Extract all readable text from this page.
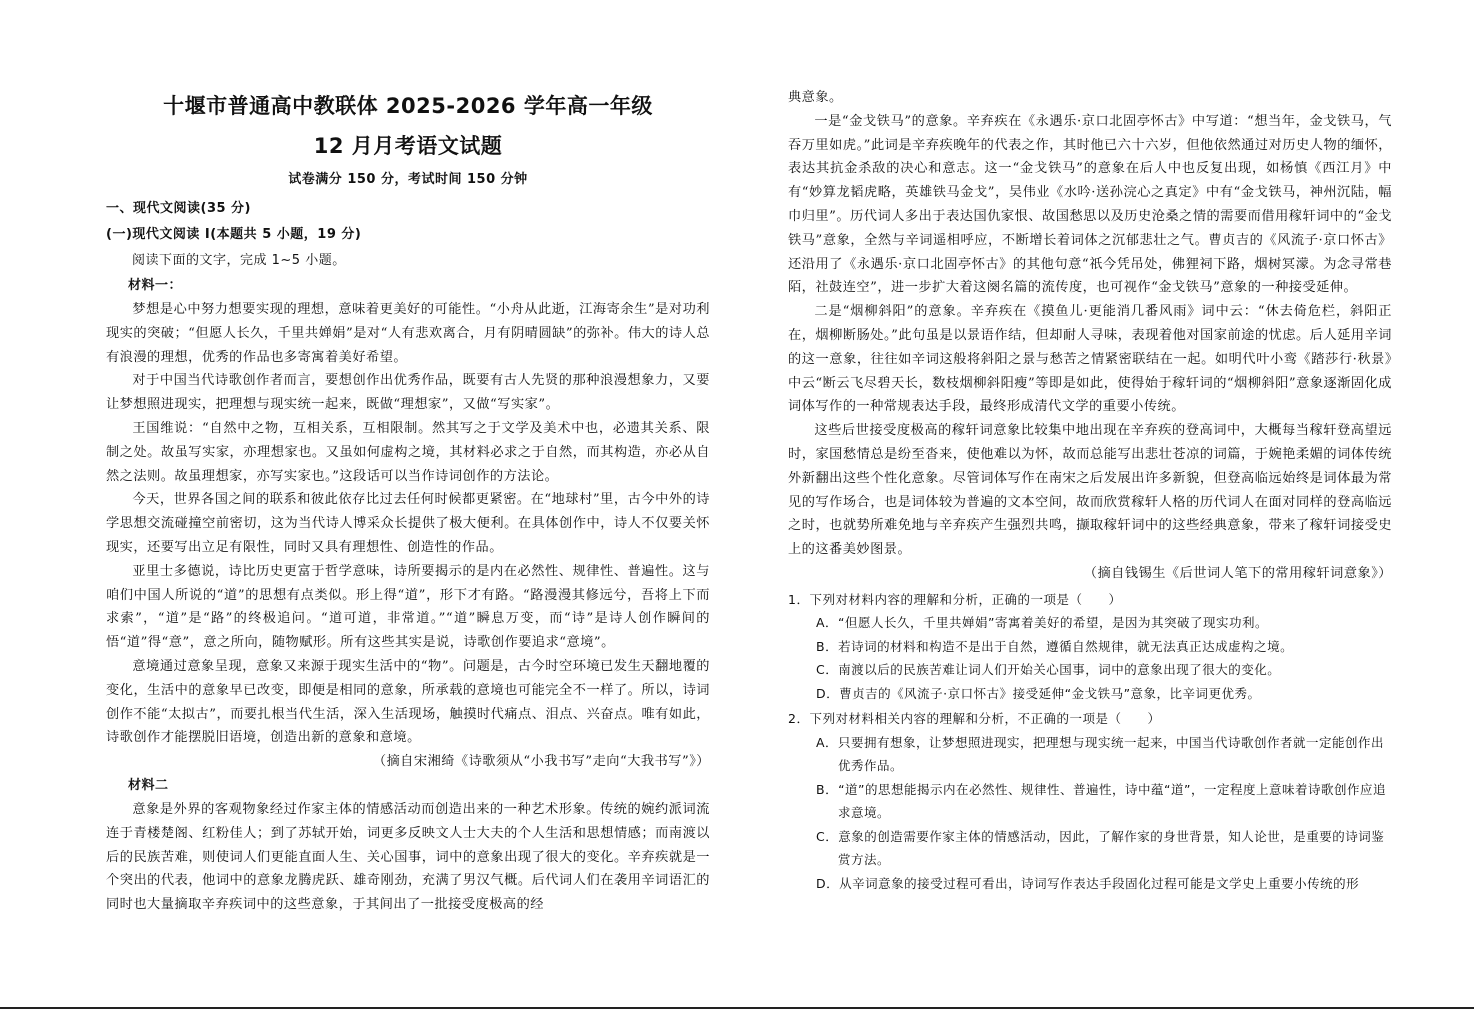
十堰市普通高中教联体 2025-2026 学年高一年级

12 月月考语文试题

试卷满分 150 分，考试时间 150 分钟

一、现代文阅读(35 分)

(一)现代文阅读 I(本题共 5 小题，19 分)

阅读下面的文字，完成 1~5 小题。

材料一：

梦想是心中努力想要实现的理想，意味着更美好的可能性。“小舟从此逝，江海寄余生”是对功利现实的突破；“但愿人长久，千里共婵娟”是对“人有悲欢离合，月有阴晴圆缺”的弥补。伟大的诗人总有浪漫的理想，优秀的作品也多寄寓着美好希望。

对于中国当代诗歌创作者而言，要想创作出优秀作品，既要有古人先贤的那种浪漫想象力，又要让梦想照进现实，把理想与现实统一起来，既做“理想家”，又做“写实家”。

王国维说：“自然中之物，互相关系，互相限制。然其写之于文学及美术中也，必遗其关系、限制之处。故虽写实家，亦理想家也。又虽如何虚构之境，其材料必求之于自然，而其构造，亦必从自然之法则。故虽理想家，亦写实家也。”这段话可以当作诗词创作的方法论。

今天，世界各国之间的联系和彼此依存比过去任何时候都更紧密。在“地球村”里，古今中外的诗学思想交流碰撞空前密切，这为当代诗人博采众长提供了极大便利。在具体创作中，诗人不仅要关怀现实，还要写出立足有限性，同时又具有理想性、创造性的作品。

亚里士多德说，诗比历史更富于哲学意味，诗所要揭示的是内在必然性、规律性、普遍性。这与咱们中国人所说的“道”的思想有点类似。形上得“道”，形下才有路。“路漫漫其修远兮，吾将上下而求索”，“道”是“路”的终极追问。“道可道，非常道。”“道”瞬息万变，而“诗”是诗人创作瞬间的悟“道”得“意”，意之所向，随物赋形。所有这些其实是说，诗歌创作要追求“意境”。

意境通过意象呈现，意象又来源于现实生活中的“物”。问题是，古今时空环境已发生天翻地覆的变化，生活中的意象早已改变，即便是相同的意象，所承载的意境也可能完全不一样了。所以，诗词创作不能“太拟古”，而要扎根当代生活，深入生活现场，触摸时代痛点、泪点、兴奋点。唯有如此，诗歌创作才能摆脱旧语境，创造出新的意象和意境。

（摘自宋湘绮《诗歌须从“小我书写”走向“大我书写”》）

材料二

意象是外界的客观物象经过作家主体的情感活动而创造出来的一种艺术形象。传统的婉约派词流连于青楼楚阁、红粉佳人；到了苏轼开始，词更多反映文人士大夫的个人生活和思想情感；而南渡以后的民族苦难，则使词人们更能直面人生、关心国事，词中的意象出现了很大的变化。辛弃疾就是一个突出的代表，他词中的意象龙腾虎跃、雄奇刚劲，充满了男汉气概。后代词人们在袭用辛词语汇的同时也大量摘取辛弃疾词中的这些意象，于其间出了一批接受度极高的经

典意象。

一是“金戈铁马”的意象。辛弃疾在《永遇乐·京口北固亭怀古》中写道：“想当年，金戈铁马，气吞万里如虎。”此词是辛弃疾晚年的代表之作，其时他已六十六岁，但他依然通过对历史人物的缅怀，表达其抗金杀敌的决心和意志。这一“金戈铁马”的意象在后人中也反复出现，如杨慎《西江月》中有“妙算龙韬虎略，英雄铁马金戈”，吴伟业《水吟·送孙浣心之真定》中有“金戈铁马，神州沉陆，幅巾归里”。历代词人多出于表达国仇家恨、故国愁思以及历史沧桑之情的需要而借用稼轩词中的“金戈铁马”意象，全然与辛词遥相呼应，不断增长着词体之沉郁悲壮之气。曹贞吉的《风流子·京口怀古》还沿用了《永遇乐·京口北固亭怀古》的其他句意“祇今凭吊处，佛狸祠下路，烟树冥濛。为念寻常巷陌，社鼓连空”，进一步扩大着这阕名篇的流传度，也可视作“金戈铁马”意象的一种接受延伸。

二是“烟柳斜阳”的意象。辛弃疾在《摸鱼儿·更能消几番风雨》词中云：“休去倚危栏，斜阳正在，烟柳断肠处。”此句虽是以景语作结，但却耐人寻味，表现着他对国家前途的忧虑。后人延用辛词的这一意象，往往如辛词这般将斜阳之景与愁苦之情紧密联结在一起。如明代叶小鸾《踏莎行·秋景》中云“断云飞尽碧天长，数枝烟柳斜阳瘦”等即是如此，使得始于稼轩词的“烟柳斜阳”意象逐渐固化成词体写作的一种常规表达手段，最终形成清代文学的重要小传统。

这些后世接受度极高的稼轩词意象比较集中地出现在辛弃疾的登高词中，大概每当稼轩登高望远时，家国愁情总是纷至沓来，使他难以为怀，故而总能写出悲壮苍凉的词篇，于婉艳柔媚的词体传统外新翻出这些个性化意象。尽管词体写作在南宋之后发展出许多新貌，但登高临远始终是词体最为常见的写作场合，也是词体较为普遍的文本空间，故而欣赏稼轩人格的历代词人在面对同样的登高临远之时，也就势所难免地与辛弃疾产生强烈共鸣，撷取稼轩词中的这些经典意象，带来了稼轩词接受史上的这番美妙图景。

（摘自钱锡生《后世词人笔下的常用稼轩词意象》）

1．下列对材料内容的理解和分析，正确的一项是（　　）

A．“但愿人长久，千里共婵娟”寄寓着美好的希望，是因为其突破了现实功利。

B．若诗词的材料和构造不是出于自然，遵循自然规律，就无法真正达成虚构之境。

C．南渡以后的民族苦难让词人们开始关心国事，词中的意象出现了很大的变化。

D．曹贞吉的《风流子·京口怀古》接受延伸“金戈铁马”意象，比辛词更优秀。

2．下列对材料相关内容的理解和分析，不正确的一项是（　　）

A．只要拥有想象，让梦想照进现实，把理想与现实统一起来，中国当代诗歌创作者就一定能创作出优秀作品。

B．“道”的思想能揭示内在必然性、规律性、普遍性，诗中蕴“道”，一定程度上意味着诗歌创作应追求意境。

C．意象的创造需要作家主体的情感活动，因此，了解作家的身世背景，知人论世，是重要的诗词鉴赏方法。

D．从辛词意象的接受过程可看出，诗词写作表达手段固化过程可能是文学史上重要小传统的形
